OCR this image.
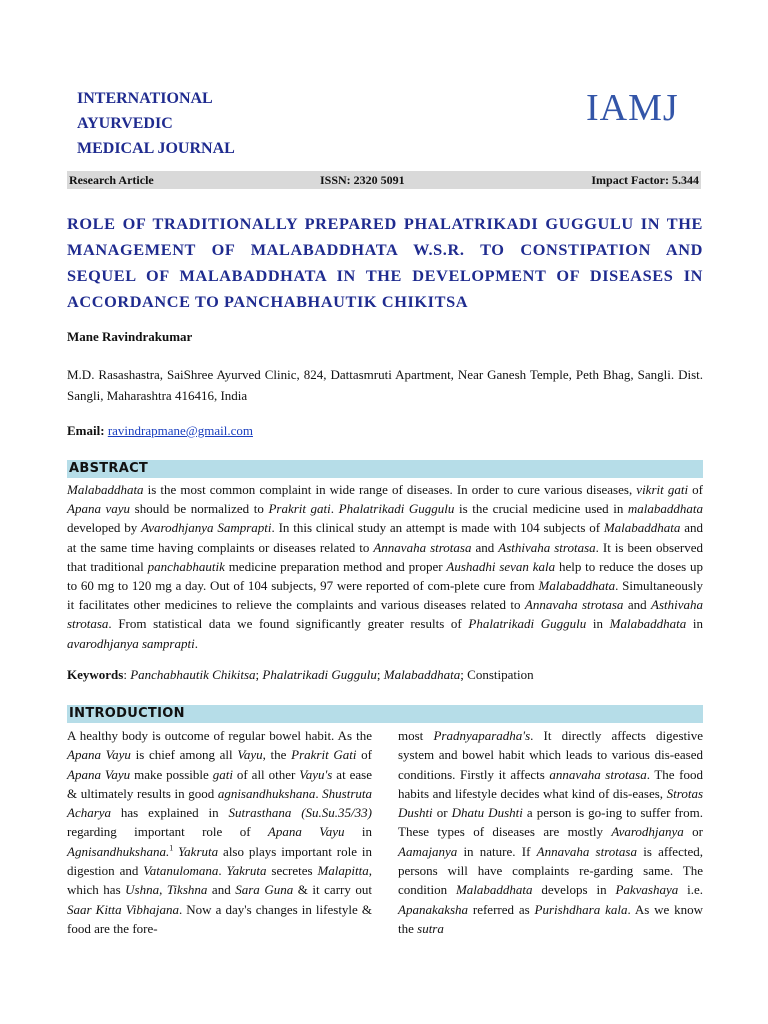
INTERNATIONAL
AYURVEDIC
MEDICAL JOURNAL
IAMJ
Research Article	ISSN: 2320 5091	Impact Factor: 5.344
ROLE OF TRADITIONALLY PREPARED PHALATRIKADI GUGGULU IN THE MANAGEMENT OF MALABADDHATA W.S.R. TO CONSTIPATION AND SEQUEL OF MALABADDHATA IN THE DEVELOPMENT OF DISEASES IN ACCORDANCE TO PANCHABHAUTIK CHIKITSA
Mane Ravindrakumar
M.D. Rasashastra, SaiShree Ayurved Clinic, 824, Dattasmruti Apartment, Near Ganesh Temple, Peth Bhag, Sangli. Dist. Sangli, Maharashtra 416416, India
Email: ravindrapmane@gmail.com
ABSTRACT
Malabaddhata is the most common complaint in wide range of diseases. In order to cure various diseases, vikrit gati of Apana vayu should be normalized to Prakrit gati. Phalatrikadi Guggulu is the crucial medicine used in malabaddhata developed by Avarodhjanya Samprapti. In this clinical study an attempt is made with 104 subjects of Malabaddhata and at the same time having complaints or diseases related to Annavaha strotasa and Asthivaha strotasa. It is been observed that traditional panchabhautik medicine preparation method and proper Aushadhi sevan kala help to reduce the doses up to 60 mg to 120 mg a day. Out of 104 subjects, 97 were reported of com-plete cure from Malabaddhata. Simultaneously it facilitates other medicines to relieve the complaints and various diseases related to Annavaha strotasa and Asthivaha strotasa. From statistical data we found significantly greater results of Phalatrikadi Guggulu in Malabaddhata in avarodhjanya samprapti.
Keywords: Panchabhautik Chikitsa; Phalatrikadi Guggulu; Malabaddhata; Constipation
INTRODUCTION
A healthy body is outcome of regular bowel habit. As the Apana Vayu is chief among all Vayu, the Prakrit Gati of Apana Vayu make possible gati of all other Vayu's at ease & ultimately results in good agnisandhukshana. Shustruta Acharya has explained in Sutrasthana (Su.Su.35/33) regarding important role of Apana Vayu in Agnisandhukshana.$^1$ Yakruta also plays important role in digestion and Vatanulomana. Yakruta secretes Malapitta, which has Ushna, Tikshna and Sara Guna & it carry out Saar Kitta Vibhajana. Now a day's changes in lifestyle & food are the fore-
most Pradnyaparadha's. It directly affects digestive system and bowel habit which leads to various dis-eased conditions. Firstly it affects annavaha strotasa. The food habits and lifestyle decides what kind of dis-eases, Strotas Dushti or Dhatu Dushti a person is go-ing to suffer from. These types of diseases are mostly Avarodhjanya or Aamajanya in nature. If Annavaha strotasa is affected, persons will have complaints re-garding same. The condition Malabaddhata develops in Pakvashaya i.e. Apanakaksha referred as Purishdhara kala. As we know the sutra
